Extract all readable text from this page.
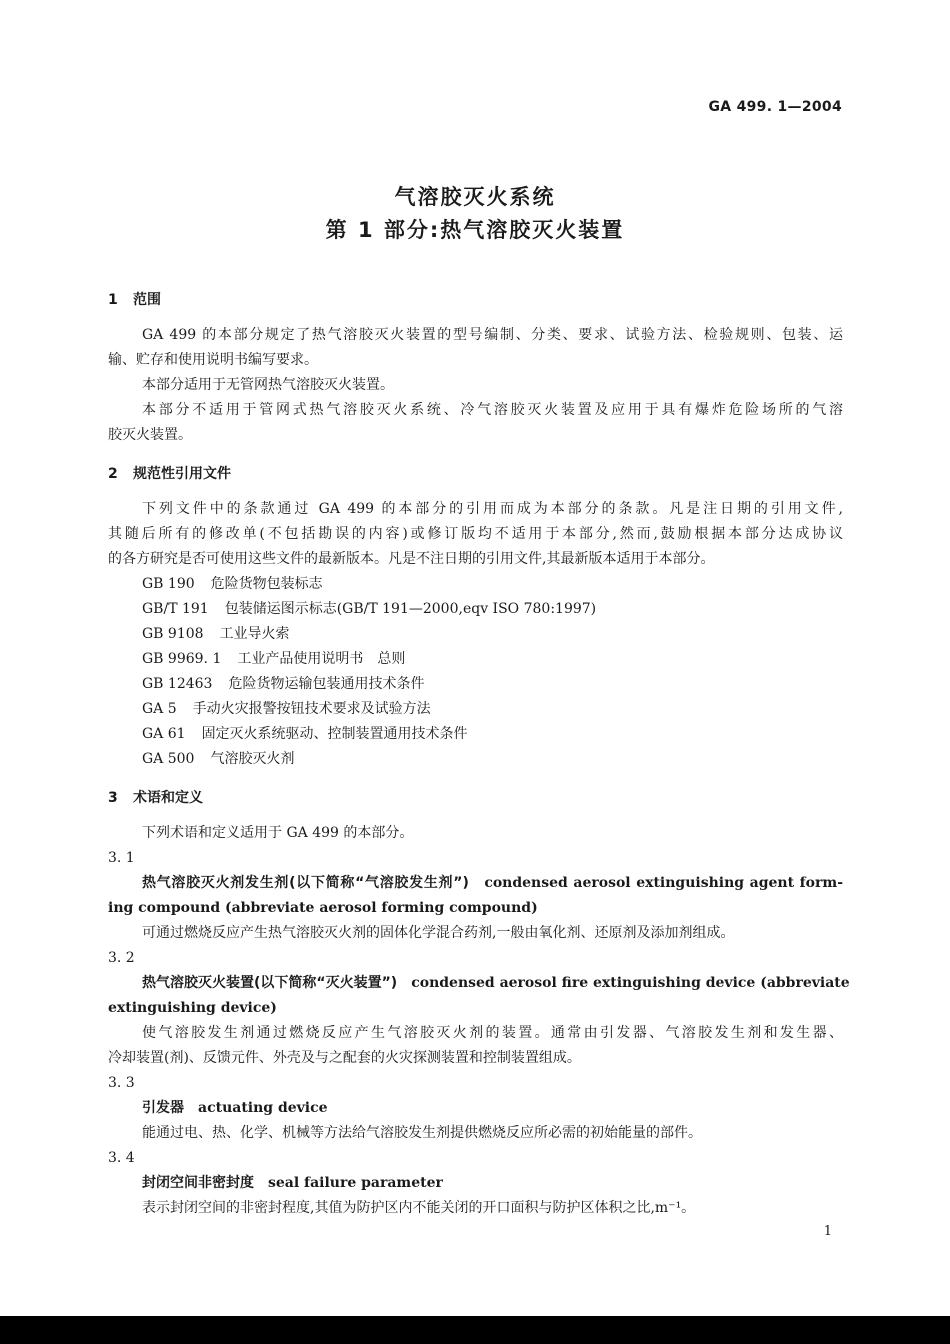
GA 499. 1—2004
气溶胶灭火系统
第 1 部分:热气溶胶灭火装置
1 范围
GA 499 的本部分规定了热气溶胶灭火装置的型号编制、分类、要求、试验方法、检验规则、包装、运
输、贮存和使用说明书编写要求。
本部分适用于无管网热气溶胶灭火装置。
本部分不适用于管网式热气溶胶灭火系统、冷气溶胶灭火装置及应用于具有爆炸危险场所的气溶
胶灭火装置。
2 规范性引用文件
下列文件中的条款通过 GA 499 的本部分的引用而成为本部分的条款。凡是注日期的引用文件,
其随后所有的修改单(不包括勘误的内容)或修订版均不适用于本部分,然而,鼓励根据本部分达成协议
的各方研究是否可使用这些文件的最新版本。凡是不注日期的引用文件,其最新版本适用于本部分。
GB 190 危险货物包装标志
GB/T 191 包装储运图示标志(GB/T 191—2000,eqv ISO 780:1997)
GB 9108 工业导火索
GB 9969. 1 工业产品使用说明书　总则
GB 12463 危险货物运输包装通用技术条件
GA 5 手动火灾报警按钮技术要求及试验方法
GA 61 固定灭火系统驱动、控制装置通用技术条件
GA 500 气溶胶灭火剂
3 术语和定义
下列术语和定义适用于 GA 499 的本部分。
3. 1
热气溶胶灭火剂发生剂(以下简称“气溶胶发生剂”)　 condensed aerosol extinguishing agent form-
ing compound (abbreviate aerosol forming compound)
可通过燃烧反应产生热气溶胶灭火剂的固体化学混合药剂,一般由氧化剂、还原剂及添加剂组成。
3. 2
热气溶胶灭火装置(以下简称“灭火装置”)　 condensed aerosol fire extinguishing device (abbreviate
extinguishing device)
使气溶胶发生剂通过燃烧反应产生气溶胶灭火剂的装置。通常由引发器、气溶胶发生剂和发生器、
冷却装置(剂)、反馈元件、外壳及与之配套的火灾探测装置和控制装置组成。
3. 3
引发器　 actuating device
能通过电、热、化学、机械等方法给气溶胶发生剂提供燃烧反应所必需的初始能量的部件。
3. 4
封闭空间非密封度　 seal failure parameter
表示封闭空间的非密封程度,其值为防护区内不能关闭的开口面积与防护区体积之比,m⁻¹。
1
